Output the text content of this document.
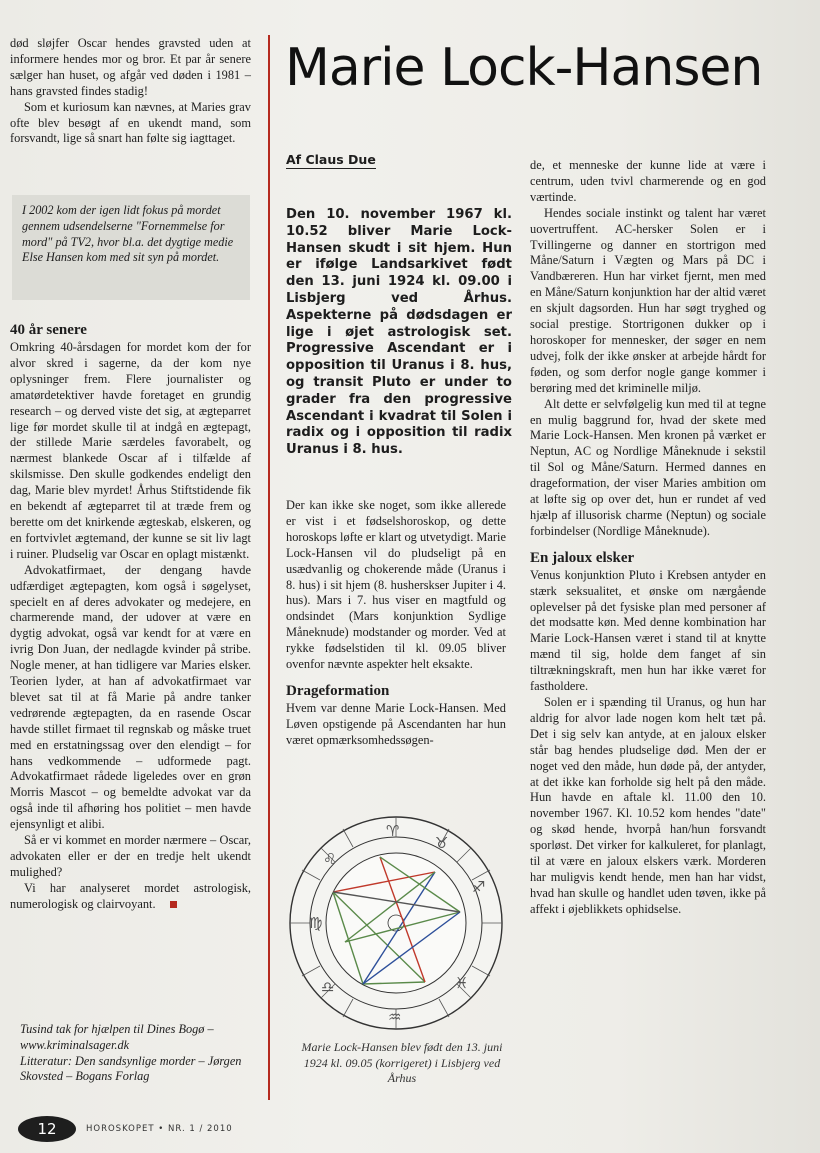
død sløjfer Oscar hendes gravsted uden at informere hendes mor og bror. Et par år senere sælger han huset, og afgår ved døden i 1981 – hans gravsted findes stadig!

Som et kuriosum kan nævnes, at Maries grav ofte blev besøgt af en ukendt mand, som forsvandt, lige så snart han følte sig iagttaget.

I 2002 kom der igen lidt fokus på mordet gennem udsendelserne "Fornemmelse for mord" på TV2, hvor bl.a. det dygtige medie Else Hansen kom med sit syn på mordet.
40 år senere

Omkring 40-årsdagen for mordet kom der for alvor skred i sagerne, da der kom nye oplysninger frem. Flere journalister og amatørdetektiver havde foretaget en grundig research – og derved viste det sig, at ægteparret lige før mordet skulle til at indgå en ægtepagt, der stillede Marie særdeles favorabelt, og nærmest blankede Oscar af i tilfælde af skilsmisse. Den skulle godkendes endeligt den dag, Marie blev myrdet! Århus Stiftstidende fik en bekendt af ægteparret til at træde frem og berette om det knirkende ægteskab, elskeren, og en fortvivlet ægtemand, der kunne se sit liv lagt i ruiner. Pludselig var Oscar en oplagt mistænkt.

Advokatfirmaet, der dengang havde udfærdiget ægtepagten, kom også i søgelyset, specielt en af deres advokater og medejere, en charmerende mand, der udover at være en dygtig advokat, også var kendt for at være en ivrig Don Juan, der nedlagde kvinder på stribe. Nogle mener, at han tidligere var Maries elsker. Teorien lyder, at han af advokatfirmaet var blevet sat til at få Marie på andre tanker vedrørende ægtepagten, da en rasende Oscar havde stillet firmaet til regnskab og måske truet med en erstatningssag over den elendigt – for hans vedkommende – udformede pagt. Advokatfirmaet rådede ligeledes over en grøn Morris Mascot – og bemeldte advokat var da også inde til afhøring hos politiet – men havde ejensynligt et alibi.

Så er vi kommet en morder nærmere – Oscar, advokaten eller er der en tredje helt ukendt mulighed?

Vi har analyseret mordet astrologisk, numerologisk og clairvoyant.

Tusind tak for hjælpen til Dines Bogø – www.kriminalsager.dk
Litteratur: Den sandsynlige morder – Jørgen Skovsted – Bogans Forlag
Marie Lock-Hansen
Af Claus Due
Den 10. november 1967 kl. 10.52 bliver Marie Lock-Hansen skudt i sit hjem. Hun er ifølge Landsarkivet født den 13. juni 1924 kl. 09.00 i Lisbjerg ved Århus. Aspekterne på dødsdagen er lige i øjet astrologisk set. Progressive Ascendant er i opposition til Uranus i 8. hus, og transit Pluto er under to grader fra den progressive Ascendant i kvadrat til Solen i radix og i opposition til radix Uranus i 8. hus.

Der kan ikke ske noget, som ikke allerede er vist i et fødselshoroskop, og dette horoskops løfte er klart og utvetydigt. Marie Lock-Hansen vil do pludseligt på en usædvanlig og chokerende måde (Uranus i 8. hus) i sit hjem (8. husherskser Jupiter i 4. hus). Mars i 7. hus viser en magtfuld og ondsindet (Mars konjunktion Sydlige Måneknude) modstander og morder. Ved at rykke fødselstiden til kl. 09.05 bliver ovenfor nævnte aspekter helt eksakte.

Drageformation

Hvem var denne Marie Lock-Hansen. Med Løven opstigende på Ascendanten har hun været opmærksomhedssøgen-

♍
♐
♈
♉
♌
♒
♎	♓
Marie Lock-Hansen blev født den 13. juni 1924 kl. 09.05 (korrigeret) i Lisbjerg ved Århus

de, et menneske der kunne lide at være i centrum, uden tvivl charmerende og en god værtinde.

Hendes sociale instinkt og talent har været uovertruffent. AC-hersker Solen er i Tvillingerne og danner en stortrigon med Måne/Saturn i Vægten og Mars på DC i Vandbæreren. Hun har virket fjernt, men med en Måne/Saturn konjunktion har der altid været en skjult dagsorden. Hun har søgt tryghed og social prestige. Stortrigonen dukker op i horoskoper for mennesker, der søger en nem udvej, folk der ikke ønsker at arbejde hårdt for føden, og som derfor nogle gange kommer i berøring med det kriminelle miljø.

Alt dette er selvfølgelig kun med til at tegne en mulig baggrund for, hvad der skete med Marie Lock-Hansen. Men kronen på værket er Neptun, AC og Nordlige Måneknude i sekstil til Sol og Måne/Saturn. Hermed dannes en drageformation, der viser Maries ambition om at løfte sig op over det, hun er rundet af ved hjælp af illusorisk charme (Neptun) og sociale forbindelser (Nordlige Måneknude).

En jaloux elsker

Venus konjunktion Pluto i Krebsen antyder en stærk seksualitet, et ønske om nærgående oplevelser på det fysiske plan med personer af det modsatte køn. Med denne kombination har Marie Lock-Hansen været i stand til at knytte mænd til sig, holde dem fanget af sin tiltrækningskraft, men hun har ikke været for fastholdere.

Solen er i spænding til Uranus, og hun har aldrig for alvor lade nogen kom helt tæt på. Det i sig selv kan antyde, at en jaloux elsker står bag hendes pludselige død. Men der er noget ved den måde, hun døde på, der antyder, at det ikke kan forholde sig helt på den måde. Hun havde en aftale kl. 11.00 den 10. november 1967. Kl. 10.52 kom hendes "date" og skød hende, hvorpå han/hun forsvandt sporløst. Det virker for kalkuleret, for planlagt, til at være en jaloux elskers værk. Morderen har muligvis kendt hende, men han har vidst, hvad han skulle og handlet uden tøven, ikke på affekt i øjeblikkets ophidselse.

12	HOROSKOPET • NR. 1 / 2010
